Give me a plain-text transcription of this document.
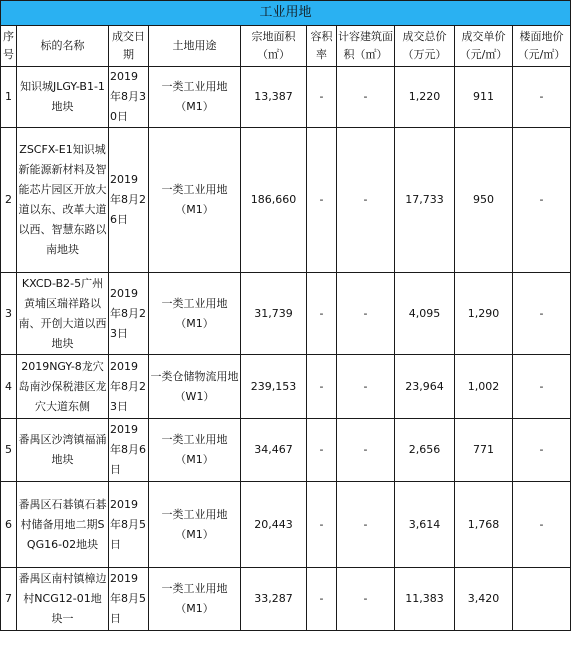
工业用地									
序号	标的名称	成交日期	土地用途	宗地面积（㎡）	容积率	计容建筑面积（㎡）	成交总价（万元）	成交单价（元/㎡）	楼面地价（元/㎡）
1	知识城JLGY-B1-1地块	2019年8月30日	一类工业用地（M1）	13,387	-	-	1,220	911	-
2	ZSCFX-E1知识城新能源新材料及智能芯片园区开放大道以东、改革大道以西、智慧东路以南地块	2019年8月26日	一类工业用地（M1）	186,660	-	-	17,733	950	-
3	KXCD-B2-5广州黄埔区瑞祥路以南、开创大道以西地块	2019年8月23日	一类工业用地（M1）	31,739	-	-	4,095	1,290	-
4	2019NGY-8龙穴岛南沙保税港区龙穴大道东侧	2019年8月23日	一类仓储物流用地（W1）	239,153	-	-	23,964	1,002	-
5	番禺区沙湾镇福涌地块	2019年8月6日	一类工业用地（M1）	34,467	-	-	2,656	771	-
6	番禺区石碁镇石碁村储备用地二期SQG16-02地块	2019年8月5日	一类工业用地（M1）	20,443	-	-	3,614	1,768	-
7	番禺区南村镇樟边村NCG12-01地块一	2019年8月5日	一类工业用地（M1）	33,287	-	-	11,383	3,420	
